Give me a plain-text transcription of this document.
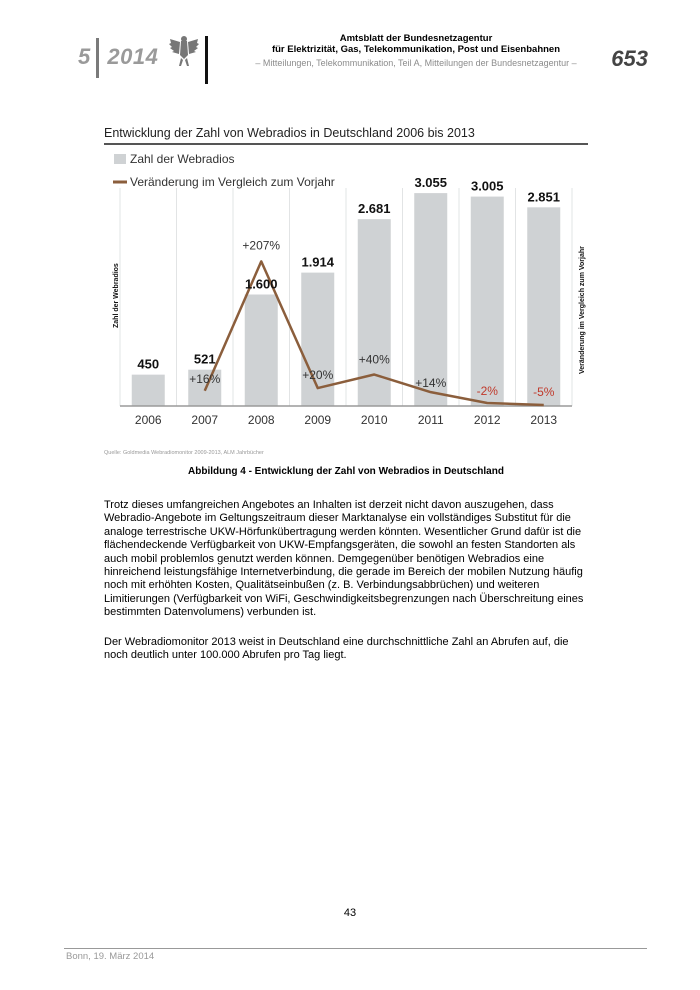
5 2014
Amtsblatt der Bundesnetzagentur
für Elektrizität, Gas, Telekommunikation, Post und Eisenbahnen
– Mitteilungen, Telekommunikation, Teil A, Mitteilungen der Bundesnetzagentur –	653
Entwicklung der Zahl von Webradios in Deutschland 2006 bis 2013
Zahl der Webradios
Veränderung im Vergleich zum Vorjahr
Zahl der Webradios	Veränderung im Vergleich zum Vorjahr
2006 2007 2008 2009 2010	2011	2012 2013
450	521
1.600
1.914
2.681
3.055 3.005
2.851
+16%
+207%
+20%
+40%
+14%
-2%	-5%
Quelle: Goldmedia Webradiomonitor 2009-2013, ALM Jahrbücher
Abbildung 4 - Entwicklung der Zahl von Webradios in Deutschland

Trotz dieses umfangreichen Angebotes an Inhalten ist derzeit nicht davon auszugehen, dass Webradio-Angebote im Geltungszeitraum dieser Marktanalyse ein vollständiges Substitut für die analoge terrestrische UKW-Hörfunkübertragung werden könnten. Wesentlicher Grund dafür ist die flächendeckende Verfügbarkeit von UKW-Empfangsgeräten, die sowohl an festen Standorten als auch mobil problemlos genutzt werden können. Demgegenüber benötigen Webradios eine hinreichend leistungsfähige Internetverbindung, die gerade im Bereich der mobilen Nutzung häufig noch mit erhöhten Kosten, Qualitätseinbußen (z. B. Verbindungsabbrüchen) und weiteren Limitierungen (Verfügbarkeit von WiFi, Geschwindigkeitsbegrenzungen nach Überschreitung eines bestimmten Datenvolumens) verbunden ist.

Der Webradiomonitor 2013 weist in Deutschland eine durchschnittliche Zahl an Abrufen auf, die noch deutlich unter 100.000 Abrufen pro Tag liegt.

43
Bonn, 19. März 2014
